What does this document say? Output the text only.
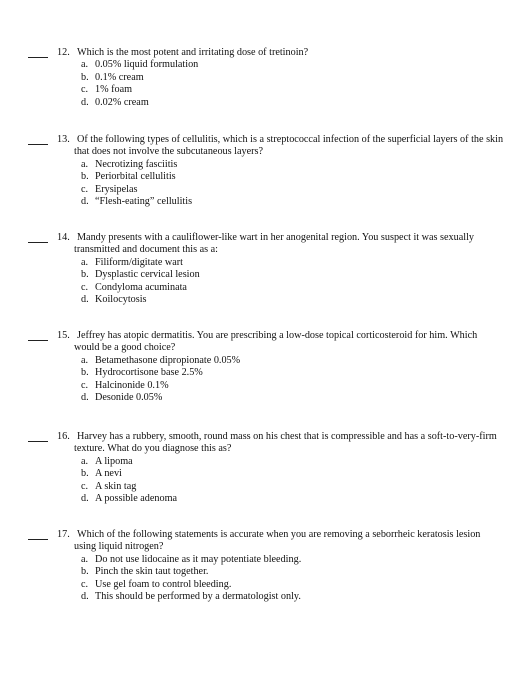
12. Which is the most potent and irritating dose of tretinoin?
a. 0.05% liquid formulation
b. 0.1% cream
c. 1% foam
d. 0.02% cream
13. Of the following types of cellulitis, which is a streptococcal infection of the superficial layers of the skin that does not involve the subcutaneous layers?
a. Necrotizing fasciitis
b. Periorbital cellulitis
c. Erysipelas
d. “Flesh-eating” cellulitis
14. Mandy presents with a cauliflower-like wart in her anogenital region. You suspect it was sexually transmitted and document this as a:
a. Filiform/digitate wart
b. Dysplastic cervical lesion
c. Condyloma acuminata
d. Koilocytosis
15. Jeffrey has atopic dermatitis. You are prescribing a low-dose topical corticosteroid for him. Which would be a good choice?
a. Betamethasone dipropionate 0.05%
b. Hydrocortisone base 2.5%
c. Halcinonide 0.1%
d. Desonide 0.05%
16. Harvey has a rubbery, smooth, round mass on his chest that is compressible and has a soft-to-very-firm texture. What do you diagnose this as?
a. A lipoma
b. A nevi
c. A skin tag
d. A possible adenoma
17. Which of the following statements is accurate when you are removing a seborrheic keratosis lesion using liquid nitrogen?
a. Do not use lidocaine as it may potentiate bleeding.
b. Pinch the skin taut together.
c. Use gel foam to control bleeding.
d. This should be performed by a dermatologist only.
